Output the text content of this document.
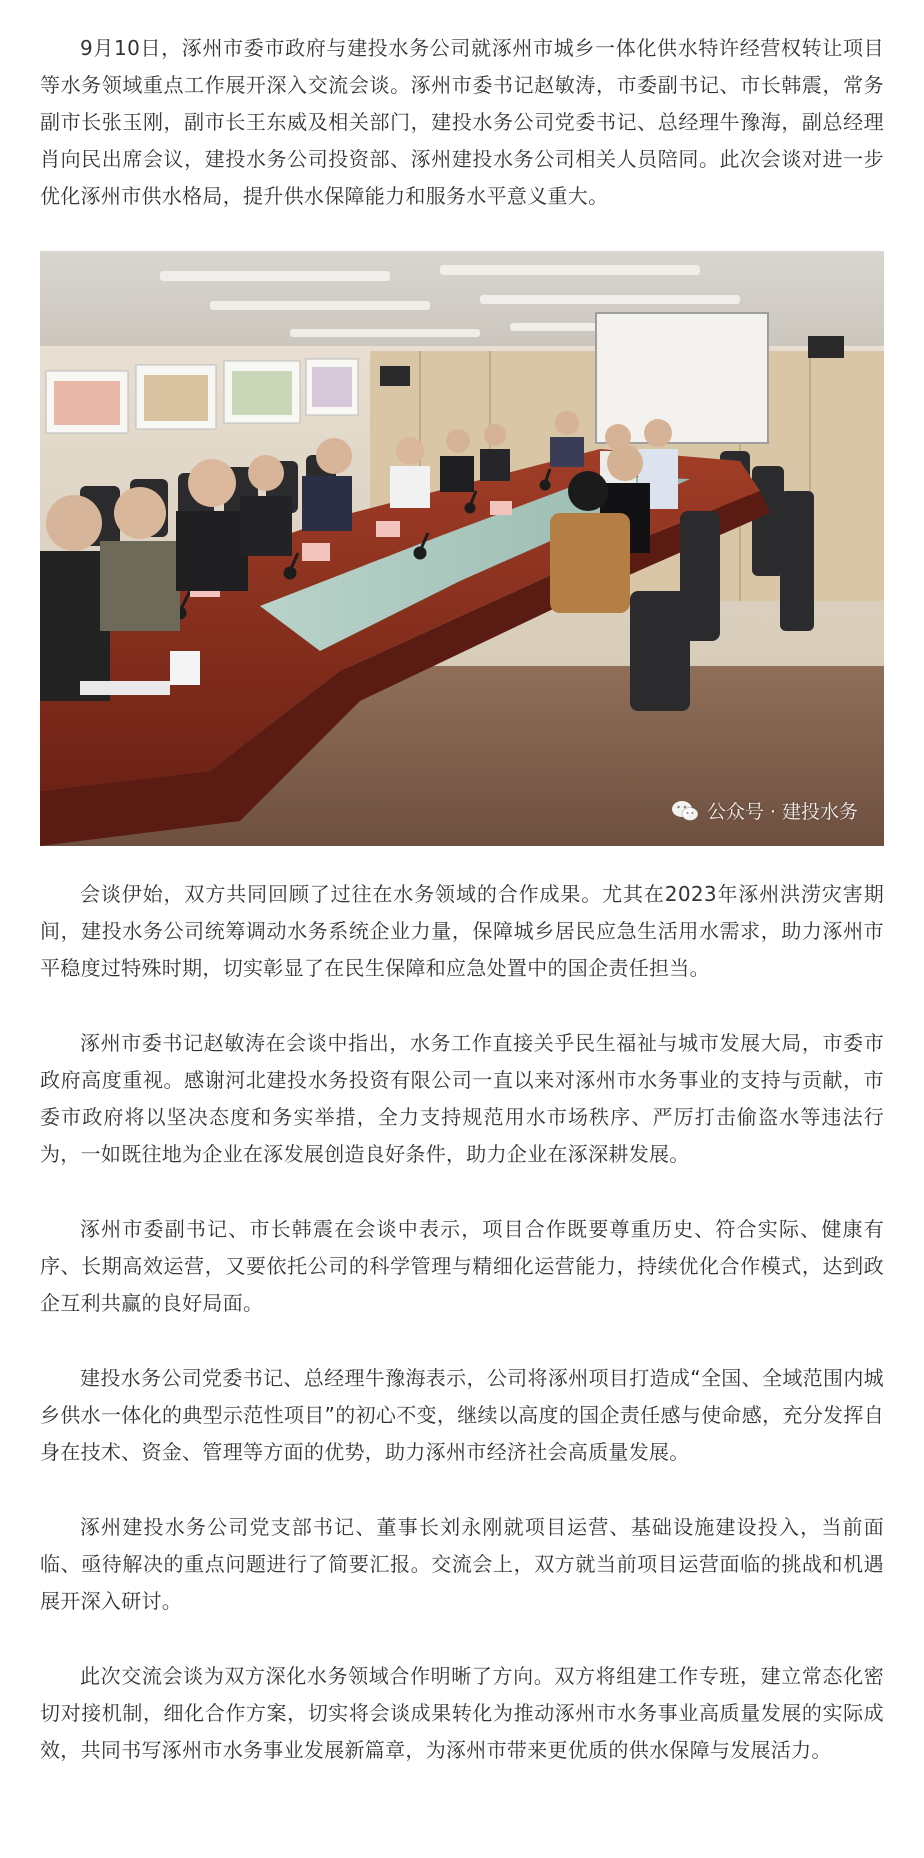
9月10日，涿州市委市政府与建投水务公司就涿州市城乡一体化供水特许经营权转让项目等水务领域重点工作展开深入交流会谈。涿州市委书记赵敏涛，市委副书记、市长韩震，常务副市长张玉刚，副市长王东威及相关部门，建投水务公司党委书记、总经理牛豫海，副总经理肖向民出席会议，建投水务公司投资部、涿州建投水务公司相关人员陪同。此次会谈对进一步优化涿州市供水格局，提升供水保障能力和服务水平意义重大。

公众号 · 建投水务

会谈伊始，双方共同回顾了过往在水务领域的合作成果。尤其在2023年涿州洪涝灾害期间，建投水务公司统筹调动水务系统企业力量，保障城乡居民应急生活用水需求，助力涿州市平稳度过特殊时期，切实彰显了在民生保障和应急处置中的国企责任担当。

涿州市委书记赵敏涛在会谈中指出，水务工作直接关乎民生福祉与城市发展大局，市委市政府高度重视。感谢河北建投水务投资有限公司一直以来对涿州市水务事业的支持与贡献，市委市政府将以坚决态度和务实举措，全力支持规范用水市场秩序、严厉打击偷盗水等违法行为，一如既往地为企业在涿发展创造良好条件，助力企业在涿深耕发展。

涿州市委副书记、市长韩震在会谈中表示，项目合作既要尊重历史、符合实际、健康有序、长期高效运营，又要依托公司的科学管理与精细化运营能力，持续优化合作模式，达到政企互利共赢的良好局面。

建投水务公司党委书记、总经理牛豫海表示，公司将涿州项目打造成“全国、全域范围内城乡供水一体化的典型示范性项目”的初心不变，继续以高度的国企责任感与使命感，充分发挥自身在技术、资金、管理等方面的优势，助力涿州市经济社会高质量发展。

涿州建投水务公司党支部书记、董事长刘永刚就项目运营、基础设施建设投入，当前面临、亟待解决的重点问题进行了简要汇报。交流会上，双方就当前项目运营面临的挑战和机遇展开深入研讨。

此次交流会谈为双方深化水务领域合作明晰了方向。双方将组建工作专班，建立常态化密切对接机制，细化合作方案，切实将会谈成果转化为推动涿州市水务事业高质量发展的实际成效，共同书写涿州市水务事业发展新篇章，为涿州市带来更优质的供水保障与发展活力。
